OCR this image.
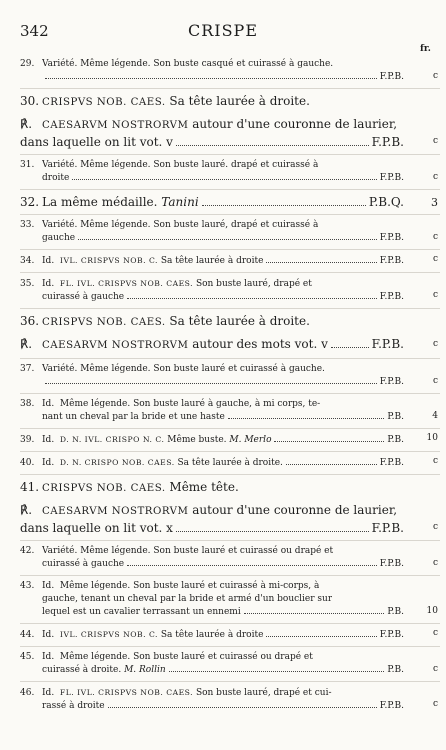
342	CRISPE
fr.
29. Variété. Même légende. Son buste casqué et cuirassé à gauche.
F.P.B.	c
30. CRISPVS NOB. CAES.
Sa tête laurée à droite.
℟. CAESARVM NOSTRORVM
autour d'une couronne de laurier,
dans laquelle on lit vot. v	F.P.B.	c
31. Variété. Même légende. Son buste lauré. drapé et cuirassé à
droite	F.P.B.	c
32. La même médaille.
Tanini	P.B.Q. 3
33. Variété. Même légende. Son buste lauré, drapé et cuirassé à
gauche	F.P.B.	c
34. Id.
IVL. CRISPVS NOB. C.
Sa tête laurée à droite	F.P.B.	c
35. Id.
FL. IVL. CRISPVS NOB. CAES.
Son buste lauré, drapé et
cuirassé à gauche	F.P.B.	c
36. CRISPVS NOB. CAES.
Sa tête laurée à droite.
℟. CAESARVM NOSTRORVM
autour des mots vot. v	F.P.B.	c
37. Variété. Même légende. Son buste lauré et cuirassé à gauche.
F.P.B.	c
38. Id.
Même légende. Son buste lauré à gauche, à mi corps, te-
nant un cheval par la bride et une haste	P.B.	4
39. Id.
D. N. IVL. CRISPO N. C.
Même buste.
M. Merlo	P.B.	10
40. Id.
D. N. CRISPO NOB. CAES.
Sa tête laurée à droite.	F.P.B.	c
41. CRISPVS NOB. CAES.
Même tête.
℟. CAESARVM NOSTRORVM
autour d'une couronne de laurier,
dans laquelle on lit vot. x	F.P.B.	c
42. Variété. Même légende. Son buste lauré et cuirassé ou drapé et
cuirassé à gauche	F.P.B.	c
43. Id.
Même légende. Son buste lauré et cuirassé à mi-corps, à
gauche, tenant un cheval par la bride et armé d'un bouclier sur
lequel est un cavalier terrassant un ennemi	P.B.	10
44. Id.
IVL. CRISPVS NOB. C.
Sa tête laurée à droite	F.P.B.	c
45. Id.
Même légende. Son buste lauré et cuirassé ou drapé et
cuirassé à droite.
M. Rollin	P.B.	c
46. Id.
FL. IVL. CRISPVS NOB. CAES.
Son buste lauré, drapé et cui-
rassé à droite	F.P.B.	c
